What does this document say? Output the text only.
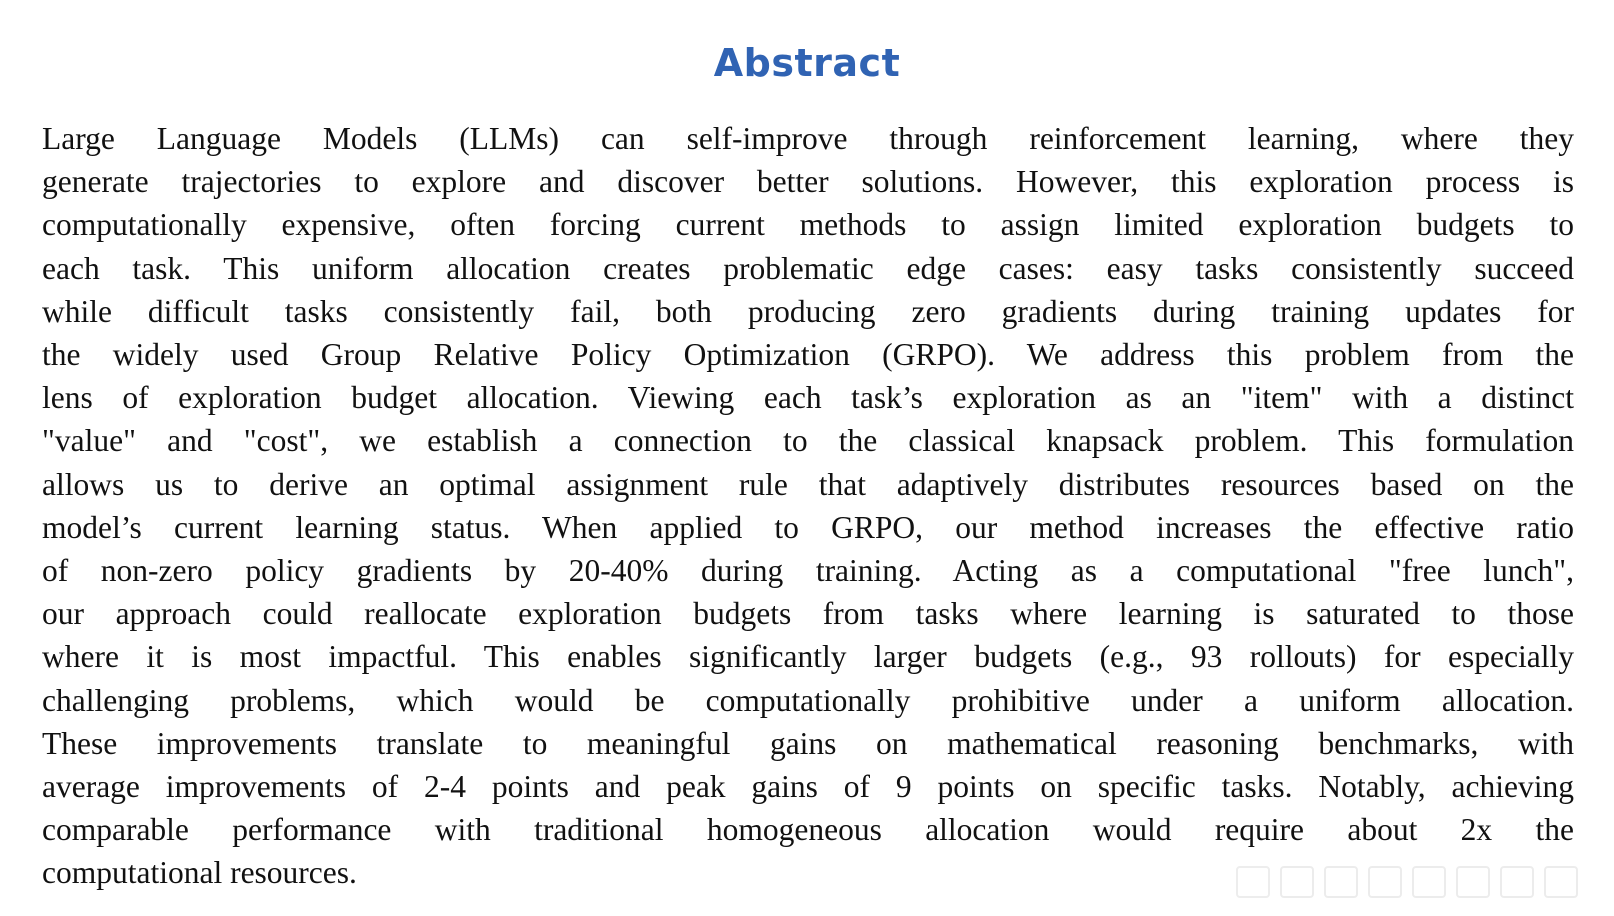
Abstract
Large Language Models (LLMs) can self-improve through reinforcement learning, where they
generate trajectories to explore and discover better solutions. However, this exploration process is
computationally expensive, often forcing current methods to assign limited exploration budgets to
each task. This uniform allocation creates problematic edge cases: easy tasks consistently succeed
while difficult tasks consistently fail, both producing zero gradients during training updates for
the widely used Group Relative Policy Optimization (GRPO). We address this problem from the
lens of exploration budget allocation. Viewing each task’s exploration as an "item" with a distinct
"value" and "cost", we establish a connection to the classical knapsack problem. This formulation
allows us to derive an optimal assignment rule that adaptively distributes resources based on the
model’s current learning status. When applied to GRPO, our method increases the effective ratio
of non-zero policy gradients by 20-40% during training. Acting as a computational "free lunch",
our approach could reallocate exploration budgets from tasks where learning is saturated to those
where it is most impactful. This enables significantly larger budgets (e.g., 93 rollouts) for especially
challenging problems, which would be computationally prohibitive under a uniform allocation.
These improvements translate to meaningful gains on mathematical reasoning benchmarks, with
average improvements of 2-4 points and peak gains of 9 points on specific tasks. Notably, achieving
comparable performance with traditional homogeneous allocation would require about 2x the
computational resources.
